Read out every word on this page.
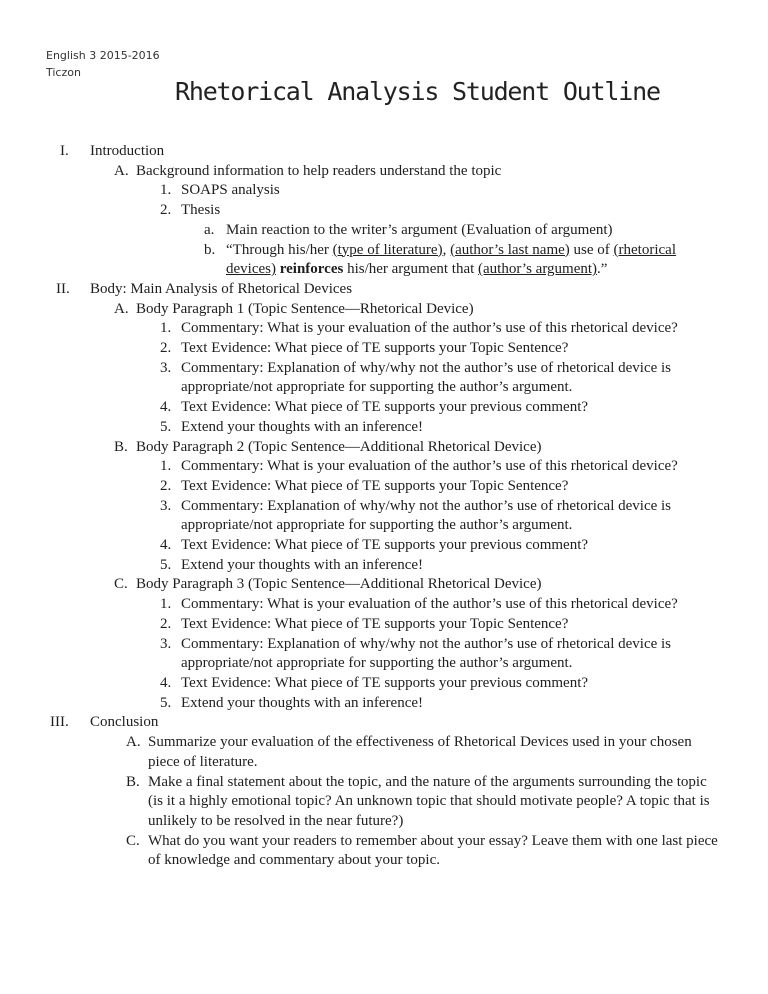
English 3 2015-2016
Ticzon
Rhetorical Analysis Student Outline
I. Introduction
A. Background information to help readers understand the topic
1. SOAPS analysis
2. Thesis
a. Main reaction to the writer’s argument (Evaluation of argument)
b. “Through his/her (type of literature), (author’s last name) use of (rhetorical
devices) reinforces his/her argument that (author’s argument).”
II. Body: Main Analysis of Rhetorical Devices
A. Body Paragraph 1 (Topic Sentence—Rhetorical Device)
1. Commentary: What is your evaluation of the author’s use of this rhetorical device?
2. Text Evidence: What piece of TE supports your Topic Sentence?
3. Commentary: Explanation of why/why not the author’s use of rhetorical device is
appropriate/not appropriate for supporting the author’s argument.
4. Text Evidence: What piece of TE supports your previous comment?
5. Extend your thoughts with an inference!
B. Body Paragraph 2 (Topic Sentence—Additional Rhetorical Device)
1. Commentary: What is your evaluation of the author’s use of this rhetorical device?
2. Text Evidence: What piece of TE supports your Topic Sentence?
3. Commentary: Explanation of why/why not the author’s use of rhetorical device is
appropriate/not appropriate for supporting the author’s argument.
4. Text Evidence: What piece of TE supports your previous comment?
5. Extend your thoughts with an inference!
C. Body Paragraph 3 (Topic Sentence—Additional Rhetorical Device)
1. Commentary: What is your evaluation of the author’s use of this rhetorical device?
2. Text Evidence: What piece of TE supports your Topic Sentence?
3. Commentary: Explanation of why/why not the author’s use of rhetorical device is
appropriate/not appropriate for supporting the author’s argument.
4. Text Evidence: What piece of TE supports your previous comment?
5. Extend your thoughts with an inference!
III. Conclusion
A. Summarize your evaluation of the effectiveness of Rhetorical Devices used in your chosen
piece of literature.
B. Make a final statement about the topic, and the nature of the arguments surrounding the topic
(is it a highly emotional topic? An unknown topic that should motivate people? A topic that is
unlikely to be resolved in the near future?)
C. What do you want your readers to remember about your essay? Leave them with one last piece
of knowledge and commentary about your topic.
